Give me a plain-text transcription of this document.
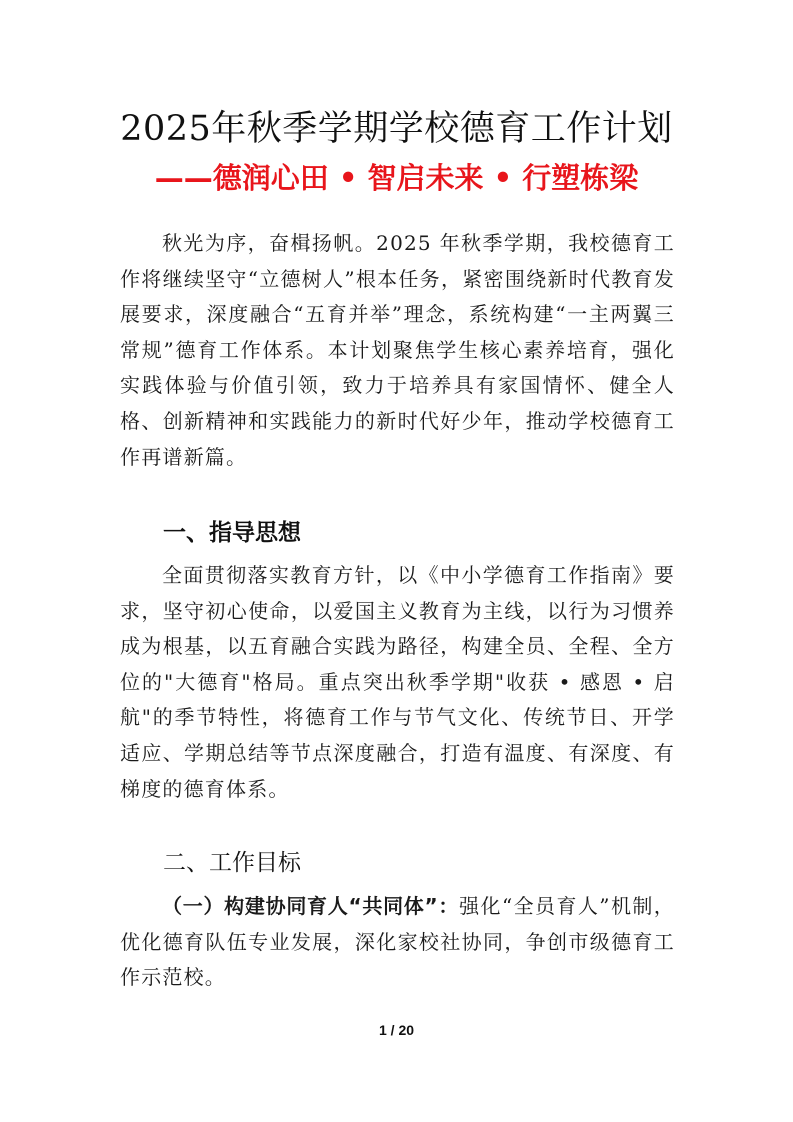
2025年秋季学期学校德育工作计划
——德润心田 • 智启未来 • 行塑栋梁

秋光为序，奋楫扬帆。2025 年秋季学期，我校德育工作将继续坚守“立德树人”根本任务，紧密围绕新时代教育发展要求，深度融合“五育并举”理念，系统构建“一主两翼三常规”德育工作体系。本计划聚焦学生核心素养培育，强化实践体验与价值引领，致力于培养具有家国情怀、健全人格、创新精神和实践能力的新时代好少年，推动学校德育工作再谱新篇。

一、指导思想

全面贯彻落实教育方针，以《中小学德育工作指南》要求，坚守初心使命，以爱国主义教育为主线，以行为习惯养成为根基，以五育融合实践为路径，构建全员、全程、全方位的"大德育"格局。重点突出秋季学期"收获 • 感恩 • 启航"的季节特性，将德育工作与节气文化、传统节日、开学适应、学期总结等节点深度融合，打造有温度、有深度、有梯度的德育体系。

二、工作目标

（一）构建协同育人“共同体”：强化“全员育人”机制，优化德育队伍专业发展，深化家校社协同，争创市级德育工作示范校。

1 / 20
